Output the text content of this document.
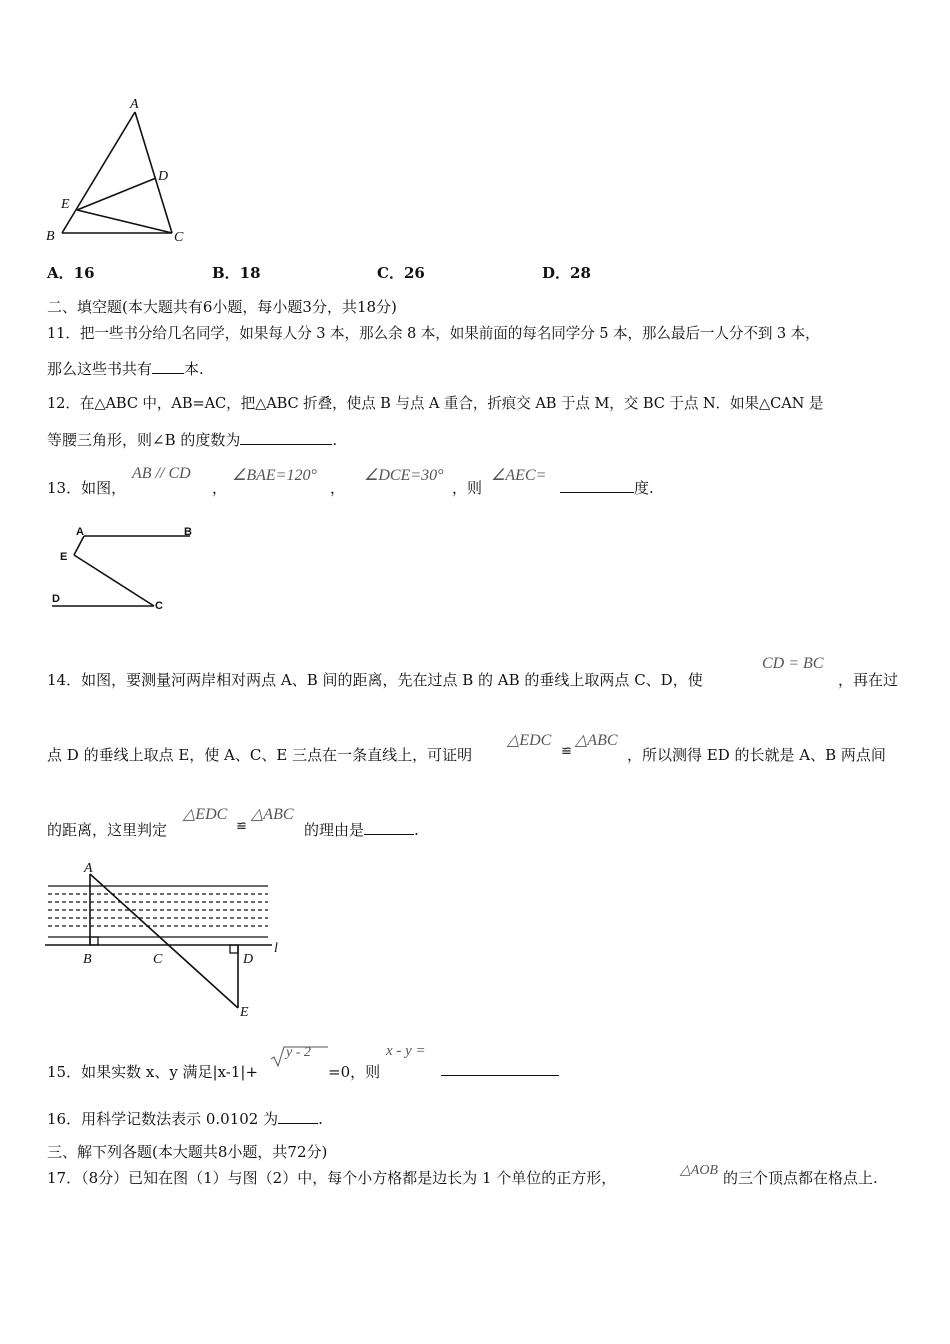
A
D
E
B	C
A．16	B．18	C．26	D．28
二、填空题(本大题共有6小题，每小题3分，共18分)
11．把一些书分给几名同学，如果每人分 3 本，那么余 8 本，如果前面的每名同学分 5 本，那么最后一人分不到 3 本，
那么这些书共有 本.
12．在△ABC 中，AB=AC，把△ABC 折叠，使点 B 与点 A 重合，折痕交 AB 于点 M，交 BC 于点 N．如果△CAN 是
等腰三角形，则∠B 的度数为	.
13．如图，
AB // CD
，
∠BAE=120°
，
∠DCE=30°
，则
∠AEC=
度.
A	B
E
D
C
14．如图，要测量河两岸相对两点 A、B 间的距离，先在过点 B 的 AB 的垂线上取两点 C、D，使
CD = BC
，再在过
点 D 的垂线上取点 E，使 A、C、E 三点在一条直线上，可证明
△EDC
≌
△ABC
，所以测得 ED 的长就是 A、B 两点间
的距离，这里判定
△EDC
≌
△ABC
的理由是	.
A
B	C	D
E
l
15．如果实数 x、y 满足|x-1|+
y - 2
=0，则
x - y =
16．用科学记数法表示 0.0102 为	.
三、解下列各题(本大题共8小题，共72分)
17．（8分）已知在图（1）与图（2）中，每个小方格都是边长为 1 个单位的正方形，	△AOB 的三个顶点都在格点上.
